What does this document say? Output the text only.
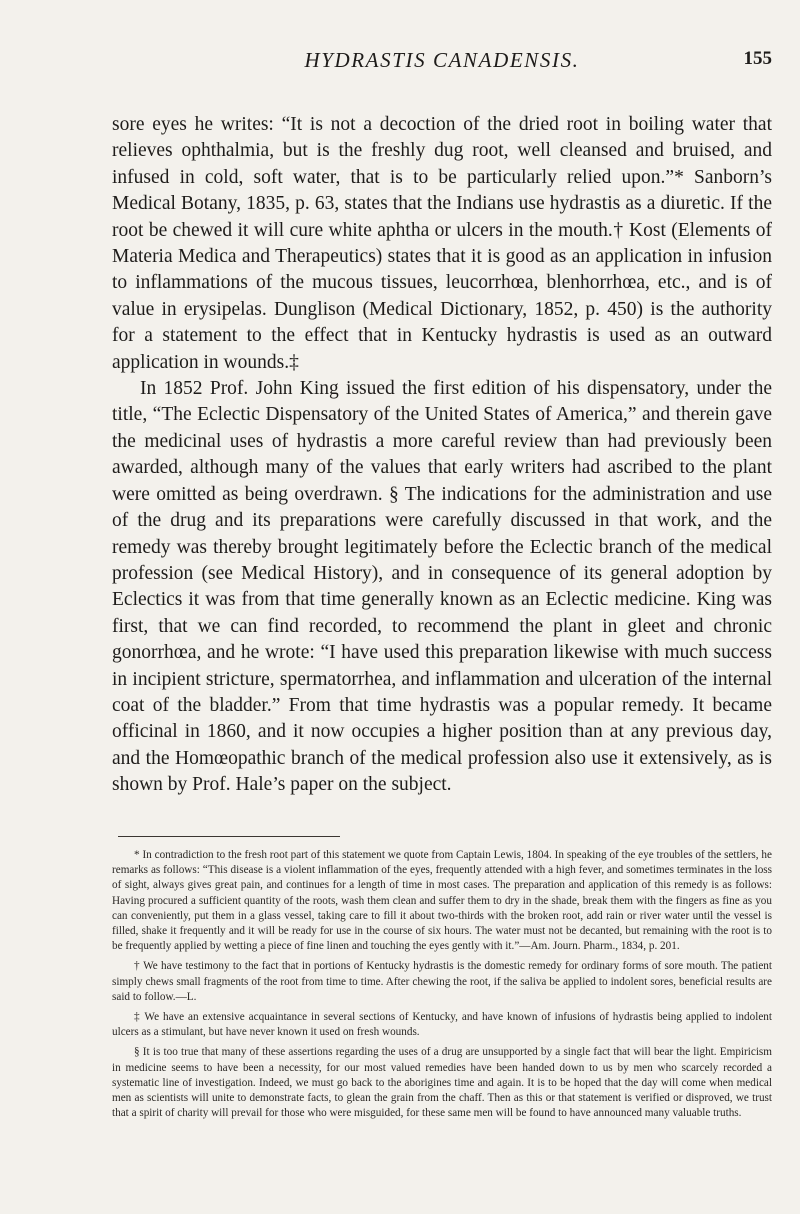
HYDRASTIS CANADENSIS.	155

sore eyes he writes: “It is not a decoction of the dried root in boiling water that relieves ophthalmia, but is the freshly dug root, well cleansed and bruised, and infused in cold, soft water, that is to be particularly relied upon.”* Sanborn’s Medical Botany, 1835, p. 63, states that the Indians use hydrastis as a diuretic. If the root be chewed it will cure white aphtha or ulcers in the mouth.† Kost (Elements of Materia Medica and Therapeutics) states that it is good as an application in infusion to inflammations of the mucous tissues, leucorrhœa, blenhorrhœa, etc., and is of value in erysipelas. Dunglison (Medical Dictionary, 1852, p. 450) is the authority for a statement to the effect that in Kentucky hydrastis is used as an outward application in wounds.‡

In 1852 Prof. John King issued the first edition of his dispensatory, under the title, “The Eclectic Dispensatory of the United States of America,” and therein gave the medicinal uses of hydrastis a more careful review than had previously been awarded, although many of the values that early writers had ascribed to the plant were omitted as being overdrawn. § The indications for the administration and use of the drug and its preparations were carefully discussed in that work, and the remedy was thereby brought legitimately before the Eclectic branch of the medical profession (see Medical History), and in consequence of its general adoption by Eclectics it was from that time generally known as an Eclectic medicine. King was first, that we can find recorded, to recommend the plant in gleet and chronic gonorrhœa, and he wrote: “I have used this preparation likewise with much success in incipient stricture, spermatorrhea, and inflammation and ulceration of the internal coat of the bladder.” From that time hydrastis was a popular remedy. It became officinal in 1860, and it now occupies a higher position than at any previous day, and the Homœopathic branch of the medical profession also use it extensively, as is shown by Prof. Hale’s paper on the subject.

* In contradiction to the fresh root part of this statement we quote from Captain Lewis, 1804. In speaking of the eye troubles of the settlers, he remarks as follows: “This disease is a violent inflammation of the eyes, frequently attended with a high fever, and sometimes terminates in the loss of sight, always gives great pain, and continues for a length of time in most cases. The preparation and application of this remedy is as follows: Having procured a sufficient quantity of the roots, wash them clean and suffer them to dry in the shade, break them with the fingers as fine as you can conveniently, put them in a glass vessel, taking care to fill it about two-thirds with the broken root, add rain or river water until the vessel is filled, shake it frequently and it will be ready for use in the course of six hours. The water must not be decanted, but remaining with the root is to be frequently applied by wetting a piece of fine linen and touching the eyes gently with it.”—Am. Journ. Pharm., 1834, p. 201.

† We have testimony to the fact that in portions of Kentucky hydrastis is the domestic remedy for ordinary forms of sore mouth. The patient simply chews small fragments of the root from time to time. After chewing the root, if the saliva be applied to indolent sores, beneficial results are said to follow.—L.

‡ We have an extensive acquaintance in several sections of Kentucky, and have known of infusions of hydrastis being applied to indolent ulcers as a stimulant, but have never known it used on fresh wounds.

§ It is too true that many of these assertions regarding the uses of a drug are unsupported by a single fact that will bear the light. Empiricism in medicine seems to have been a necessity, for our most valued remedies have been handed down to us by men who scarcely recorded a systematic line of investigation. Indeed, we must go back to the aborigines time and again. It is to be hoped that the day will come when medical men as scientists will unite to demonstrate facts, to glean the grain from the chaff. Then as this or that statement is verified or disproved, we trust that a spirit of charity will prevail for those who were misguided, for these same men will be found to have announced many valuable truths.
